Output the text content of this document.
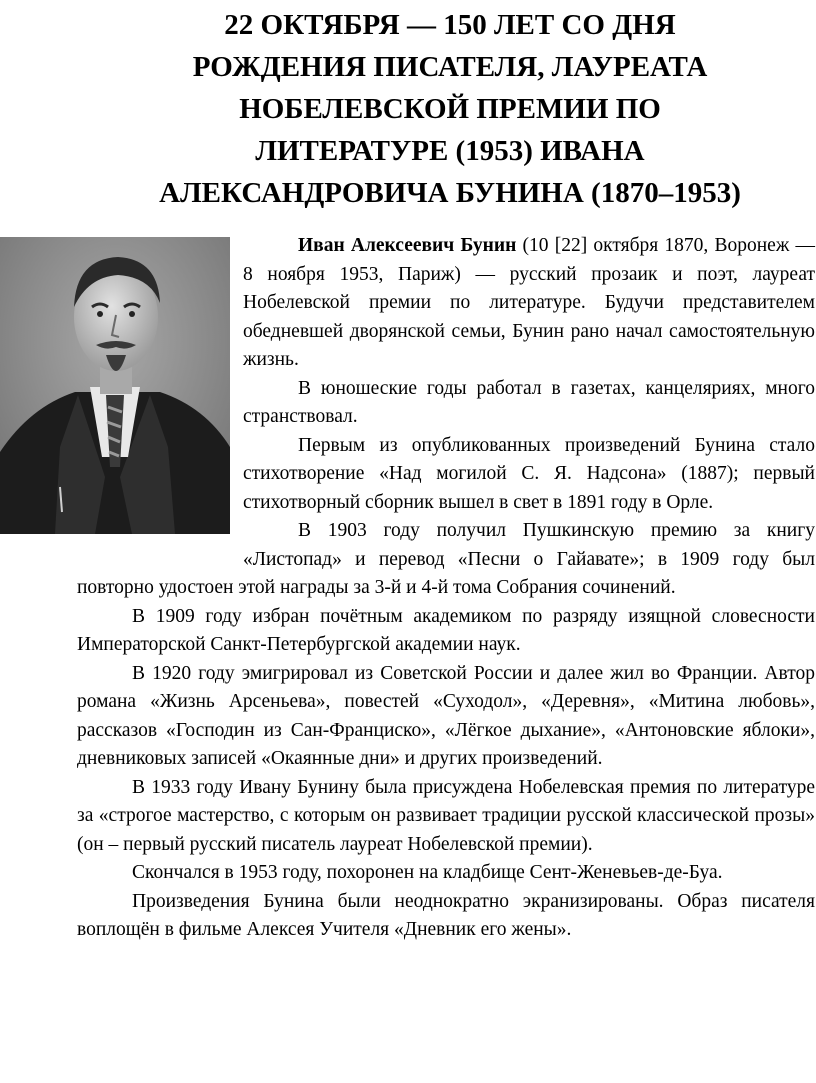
22 ОКТЯБРЯ — 150 ЛЕТ СО ДНЯ
РОЖДЕНИЯ ПИСАТЕЛЯ, ЛАУРЕАТА
НОБЕЛЕВСКОЙ ПРЕМИИ ПО
ЛИТЕРАТУРЕ (1953) ИВАНА
АЛЕКСАНДРОВИЧА БУНИНА (1870–1953)

Иван Алексеевич Бунин (10 [22] октября 1870, Воронеж — 8 ноября 1953, Париж) — русский прозаик и поэт, лауреат Нобелевской премии по литературе. Будучи представителем обедневшей дворянской семьи, Бунин рано начал самостоятельную жизнь.

В юношеские годы работал в газетах, канцеляриях, много странствовал.

Первым из опубликованных произведений Бунина стало стихотворение «Над могилой С. Я. Надсона» (1887); первый стихотворный сборник вышел в свет в 1891 году в Орле.

В 1903 году получил Пушкинскую премию за книгу «Листопад» и перевод «Песни о Гайавате»; в 1909 году был повторно удостоен этой награды за 3-й и 4-й тома Собрания сочинений.

В 1909 году избран почётным академиком по разряду изящной словесности Императорской Санкт-Петербургской академии наук.

В 1920 году эмигрировал из Советской России и далее жил во Франции. Автор романа «Жизнь Арсеньева», повестей «Суходол», «Деревня», «Митина любовь», рассказов «Господин из Сан-Франциско», «Лёгкое дыхание», «Антоновские яблоки», дневниковых записей «Окаянные дни» и других произведений.

В 1933 году Ивану Бунину была присуждена Нобелевская премия по литературе за «строгое мастерство, с которым он развивает традиции русской классической прозы» (он – первый русский писатель лауреат Нобелевской премии).

Скончался в 1953 году, похоронен на кладбище Сент-Женевьев-де-Буа.

Произведения Бунина были неоднократно экранизированы. Образ писателя воплощён в фильме Алексея Учителя «Дневник его жены».
